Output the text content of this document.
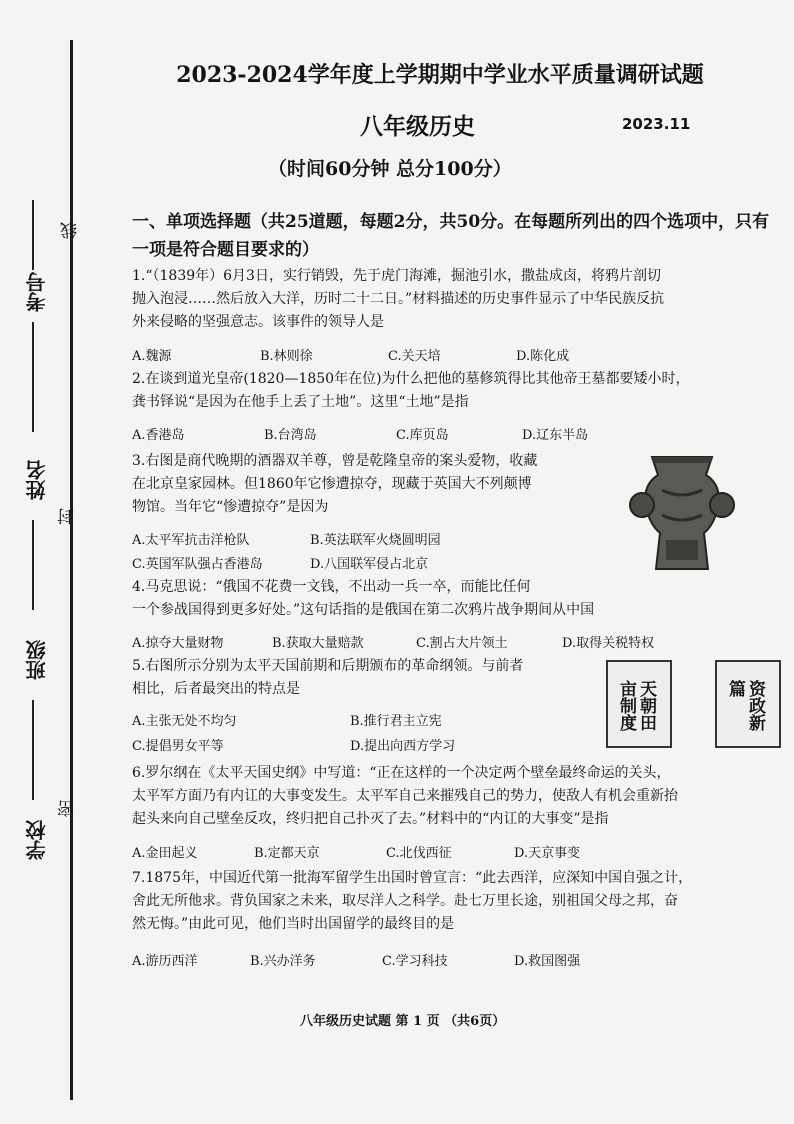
考号
姓名
班级
学校
线
封
密
2023-2024学年度上学期期中学业水平质量调研试题
八年级历史	2023.11
（时间60分钟 总分100分）
一、单项选择题（共25道题，每题2分，共50分。在每题所列出的四个选项中，只有一项是符合题目要求的）
1.“（1839年）6月3日，实行销毁，先于虎门海滩，掘池引水，撒盐成卤，将鸦片剖切
抛入泡浸……然后放入大洋，历时二十二日。”材料描述的历史事件显示了中华民族反抗
外来侵略的坚强意志。该事件的领导人是
A.魏源	B.林则徐	C.关天培	D.陈化成
2.在谈到道光皇帝(1820—1850年在位)为什么把他的墓修筑得比其他帝王墓都要矮小时，
龚书铎说“是因为在他手上丢了土地”。这里“土地”是指
A.香港岛	B.台湾岛	C.库页岛	D.辽东半岛
3.右图是商代晚期的酒器双羊尊，曾是乾隆皇帝的案头爱物，收藏
在北京皇家园林。但1860年它惨遭掠夺，现藏于英国大不列颠博
物馆。当年它“惨遭掠夺”是因为
A.太平军抗击洋枪队	B.英法联军火烧圆明园
C.英国军队强占香港岛	D.八国联军侵占北京
4.马克思说：“俄国不花费一文钱，不出动一兵一卒，而能比任何
一个参战国得到更多好处。”这句话指的是俄国在第二次鸦片战争期间从中国
A.掠夺大量财物	B.获取大量赔款	C.割占大片领土	D.取得关税特权
5.右图所示分别为太平天国前期和后期颁布的革命纲领。与前者
相比，后者最突出的特点是
A.主张无处不均匀	B.推行君主立宪
C.提倡男女平等	D.提出向西方学习
天朝田亩制度	资政新篇
6.罗尔纲在《太平天国史纲》中写道：“正在这样的一个决定两个壁垒最终命运的关头，
太平军方面乃有内讧的大事变发生。太平军自己来摧残自己的势力，使敌人有机会重新抬
起头来向自己壁垒反攻，终归把自己扑灭了去。”材料中的“内讧的大事变”是指
A.金田起义	B.定都天京	C.北伐西征	D.天京事变
7.1875年，中国近代第一批海军留学生出国时曾宣言：“此去西洋，应深知中国自强之计，
舍此无所他求。背负国家之未来，取尽洋人之科学。赴七万里长途，别祖国父母之邦，奋
然无悔。”由此可见，他们当时出国留学的最终目的是
A.游历西洋	B.兴办洋务	C.学习科技	D.救国图强
八年级历史试题 第 1 页 （共6页）
